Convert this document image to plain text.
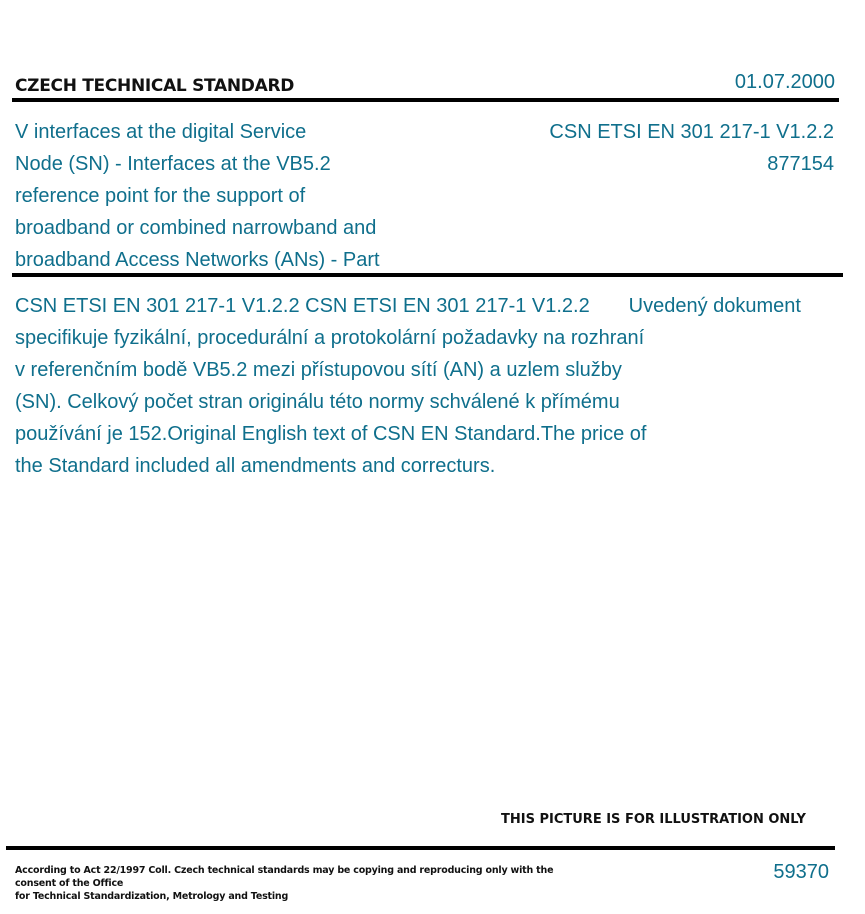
CZECH TECHNICAL STANDARD	01.07.2000
V interfaces at the digital Service
Node (SN) - Interfaces at the VB5.2
reference point for the support of
broadband or combined narrowband and
broadband Access Networks (ANs) - Part
CSN ETSI EN 301 217-1 V1.2.2
877154
CSN ETSI EN 301 217-1 V1.2.2 CSN ETSI EN 301 217-1 V1.2.2       Uvedený dokument
specifikuje fyzikální, procedurální a protokolární požadavky na rozhraní
v referenčním bodě VB5.2 mezi přístupovou sítí (AN) a uzlem služby
(SN). Celkový počet stran originálu této normy schválené k přímému
používání je 152.Original English text of CSN EN Standard.The price of
the Standard included all amendments and correcturs.
THIS PICTURE IS FOR ILLUSTRATION ONLY
According to Act 22/1997 Coll. Czech technical standards may be copying and reproducing only with the consent of the Office
for Technical Standardization, Metrology and Testing
59370
